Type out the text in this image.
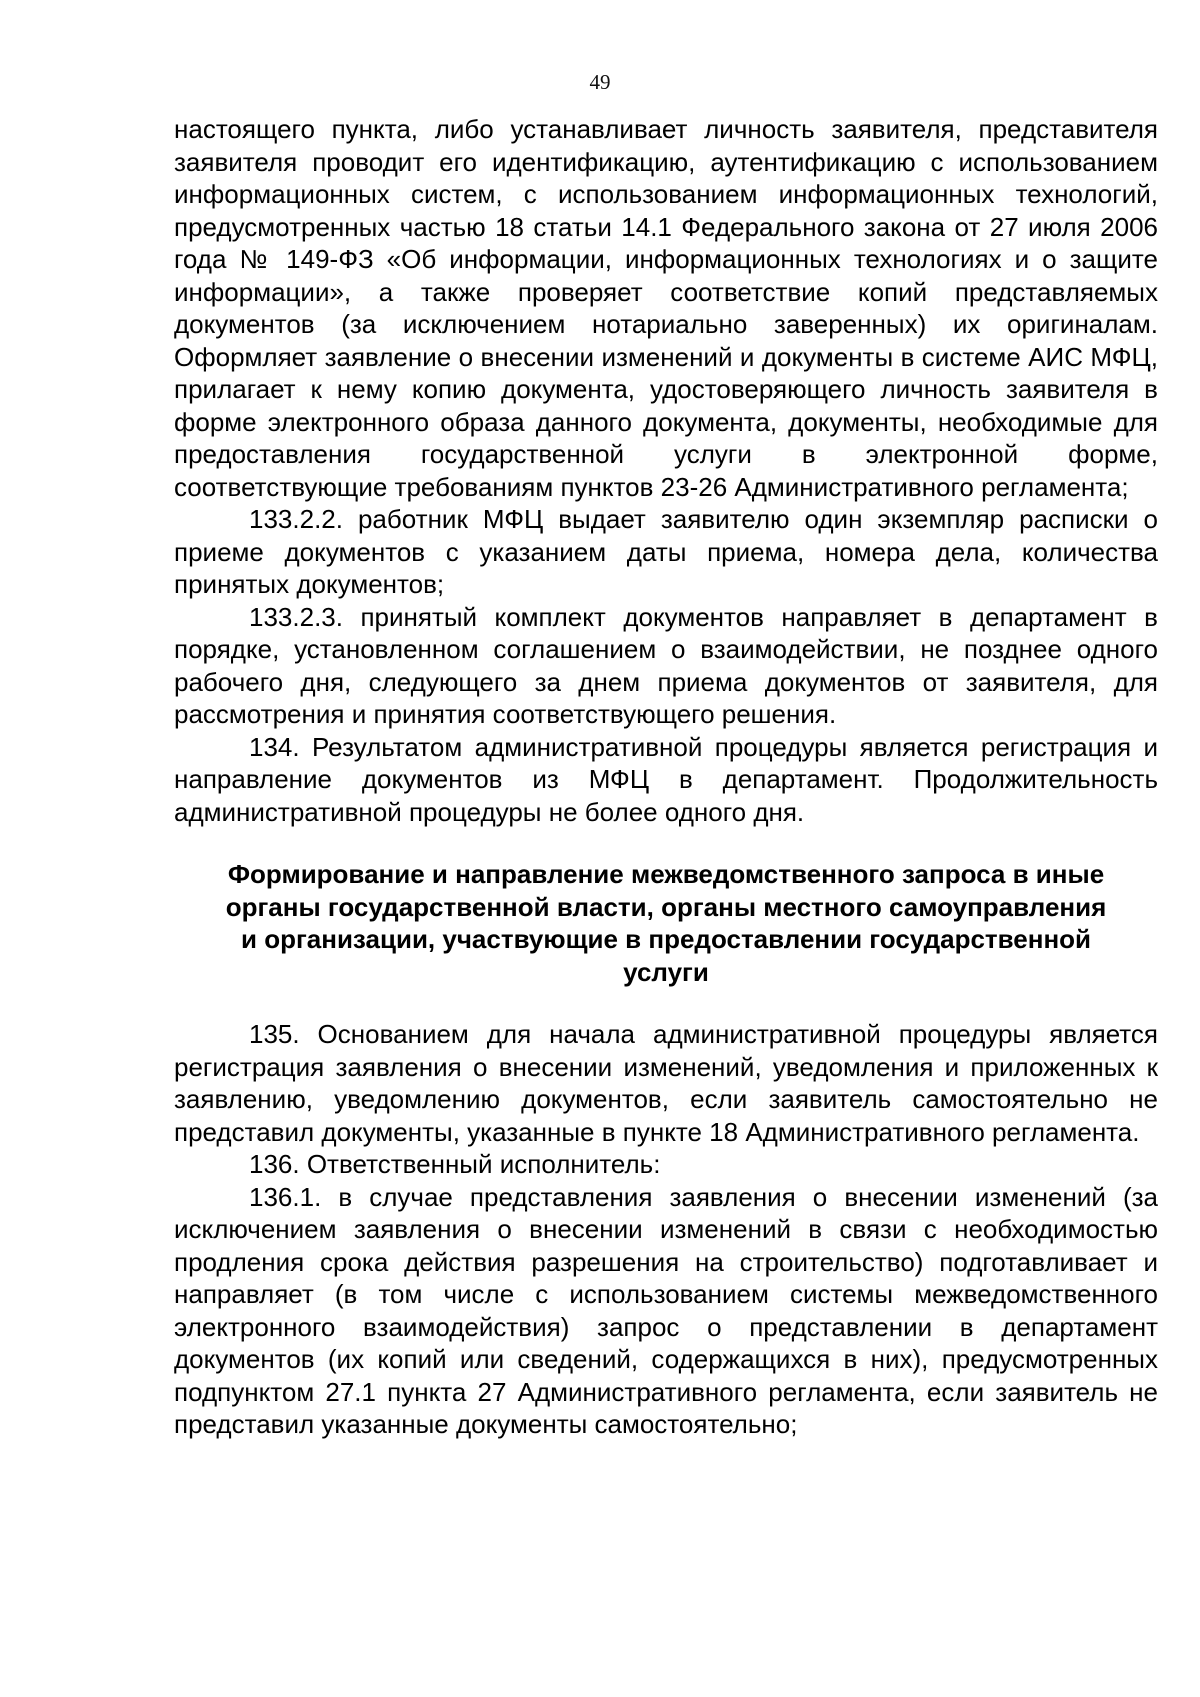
49

настоящего пункта, либо устанавливает личность заявителя, представителя заявителя проводит его идентификацию, аутентификацию с использованием информационных систем, с использованием информационных технологий, предусмотренных частью 18 статьи 14.1 Федерального закона от 27 июля 2006 года № 149-ФЗ «Об информации, информационных технологиях и о защите информации», а также проверяет соответствие копий представляемых документов (за исключением нотариально заверенных) их оригиналам. Оформляет заявление о внесении изменений и документы в системе АИС МФЦ, прилагает к нему копию документа, удостоверяющего личность заявителя в форме электронного образа данного документа, документы, необходимые для предоставления государственной услуги в электронной форме, соответствующие требованиям пунктов 23-26 Административного регламента;

133.2.2. работник МФЦ выдает заявителю один экземпляр расписки о приеме документов с указанием даты приема, номера дела, количества принятых документов;

133.2.3. принятый комплект документов направляет в департамент в порядке, установленном соглашением о взаимодействии, не позднее одного рабочего дня, следующего за днем приема документов от заявителя, для рассмотрения и принятия соответствующего решения.

134. Результатом административной процедуры является регистрация и направление документов из МФЦ в департамент. Продолжительность административной процедуры не более одного дня.

Формирование и направление межведомственного запроса в иные
органы государственной власти, органы местного самоуправления
и организации, участвующие в предоставлении государственной
услуги

135. Основанием для начала административной процедуры является регистрация заявления о внесении изменений, уведомления и приложенных к заявлению, уведомлению документов, если заявитель самостоятельно не представил документы, указанные в пункте 18 Административного регламента.

136. Ответственный исполнитель:

136.1. в случае представления заявления о внесении изменений (за исключением заявления о внесении изменений в связи с необходимостью продления срока действия разрешения на строительство) подготавливает и направляет (в том числе с использованием системы межведомственного электронного взаимодействия) запрос о представлении в департамент документов (их копий или сведений, содержащихся в них), предусмотренных подпунктом 27.1 пункта 27 Административного регламента, если заявитель не представил указанные документы самостоятельно;
